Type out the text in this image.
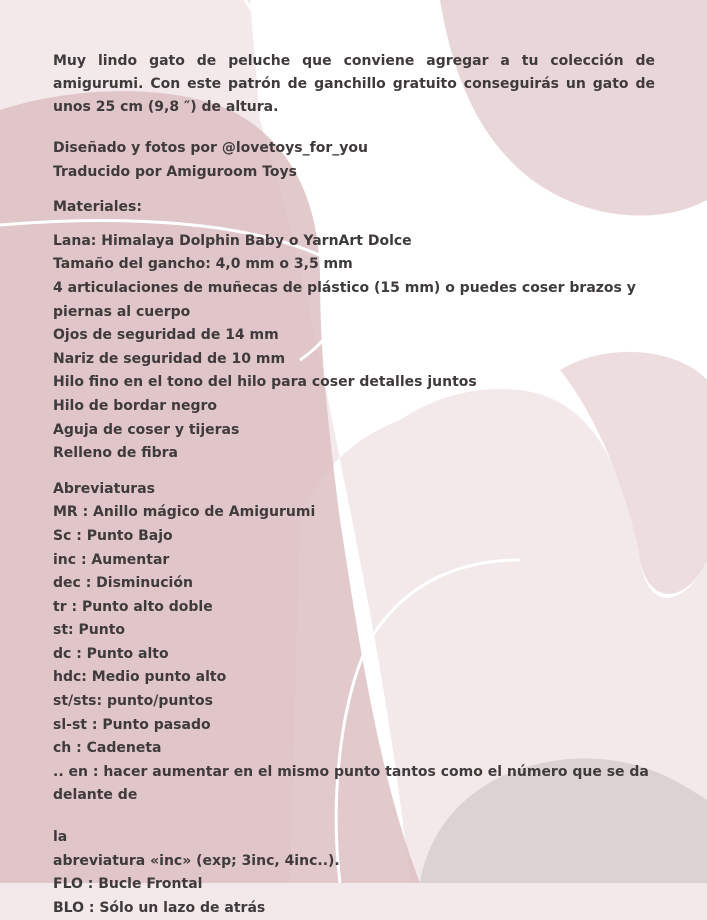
Muy lindo gato de peluche que conviene agregar a tu colección de amigurumi. Con este patrón de ganchillo gratuito conseguirás un gato de unos 25 cm (9,8 ″) de altura.

Diseñado y fotos por @lovetoys_for_you
Traducido por Amiguroom Toys
Materiales:
Lana: Himalaya Dolphin Baby o YarnArt Dolce
Tamaño del gancho: 4,0 mm o 3,5 mm
4 articulaciones de muñecas de plástico (15 mm) o puedes coser brazos y piernas al cuerpo
Ojos de seguridad de 14 mm
Nariz de seguridad de 10 mm
Hilo fino en el tono del hilo para coser detalles juntos
Hilo de bordar negro
Aguja de coser y tijeras
Relleno de fibra
Abreviaturas
MR : Anillo mágico de Amigurumi
Sc : Punto Bajo
inc : Aumentar
dec : Disminución
tr : Punto alto doble
st: Punto
dc : Punto alto
hdc: Medio punto alto
st/sts: punto/puntos
sl-st : Punto pasado
ch : Cadeneta
.. en : hacer aumentar en el mismo punto tantos como el número que se da delante de
la
abreviatura «inc» (exp; 3inc, 4inc..).
FLO : Bucle Frontal
BLO : Sólo un lazo de atrás
